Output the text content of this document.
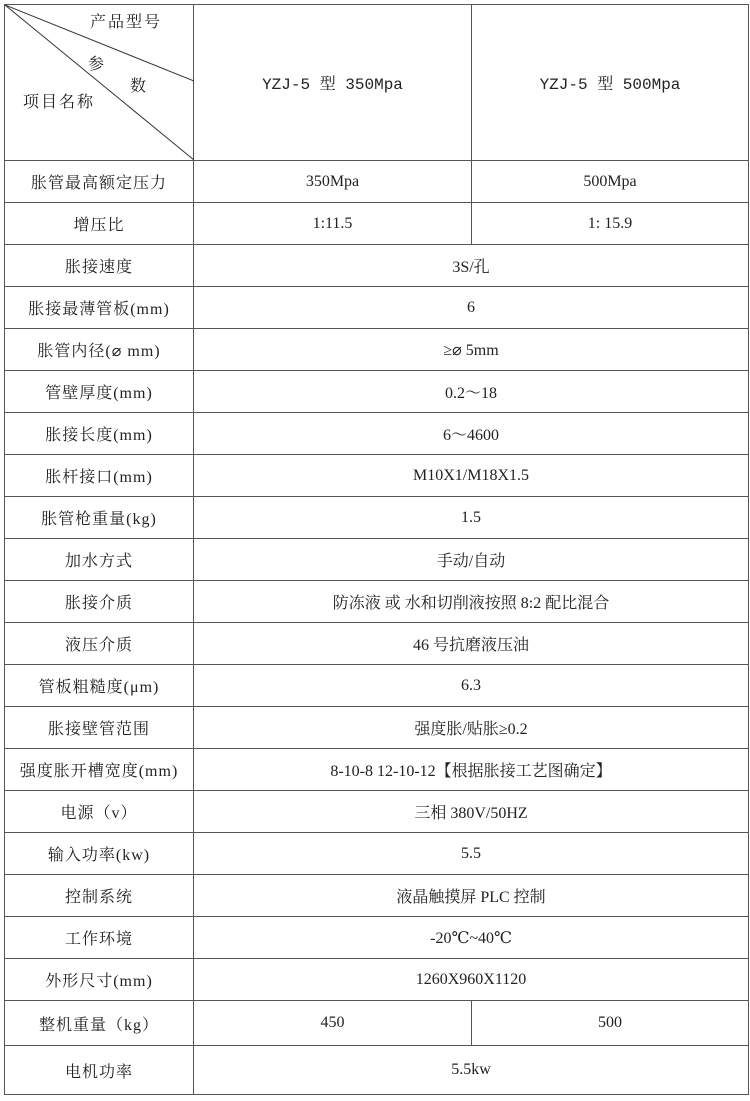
产品型号
参
数
项目名称	YZJ-5 型 350Mpa	YZJ-5 型 500Mpa
胀管最高额定压力	350Mpa	500Mpa
增压比	1:11.5	1: 15.9
胀接速度	3S/孔	
胀接最薄管板(mm)	6	
胀管内径(⌀ mm)	≥⌀ 5mm	
管壁厚度(mm)	0.2～18	
胀接长度(mm)	6～4600	
胀杆接口(mm)	M10X1/M18X1.5	
胀管枪重量(kg)	1.5	
加水方式	手动/自动	
胀接介质	防冻液 或 水和切削液按照 8:2 配比混合	
液压介质	46 号抗磨液压油	
管板粗糙度(μm)	6.3	
胀接壁管范围	强度胀/贴胀≥0.2	
强度胀开槽宽度(mm)	8-10-8 12-10-12【根据胀接工艺图确定】	
电源（v）	三相 380V/50HZ	
输入功率(kw)	5.5	
控制系统	液晶触摸屏 PLC 控制	
工作环境	-20℃~40℃	
外形尺寸(mm)	1260X960X1120	
整机重量（kg）	450	500
电机功率	5.5kw	
